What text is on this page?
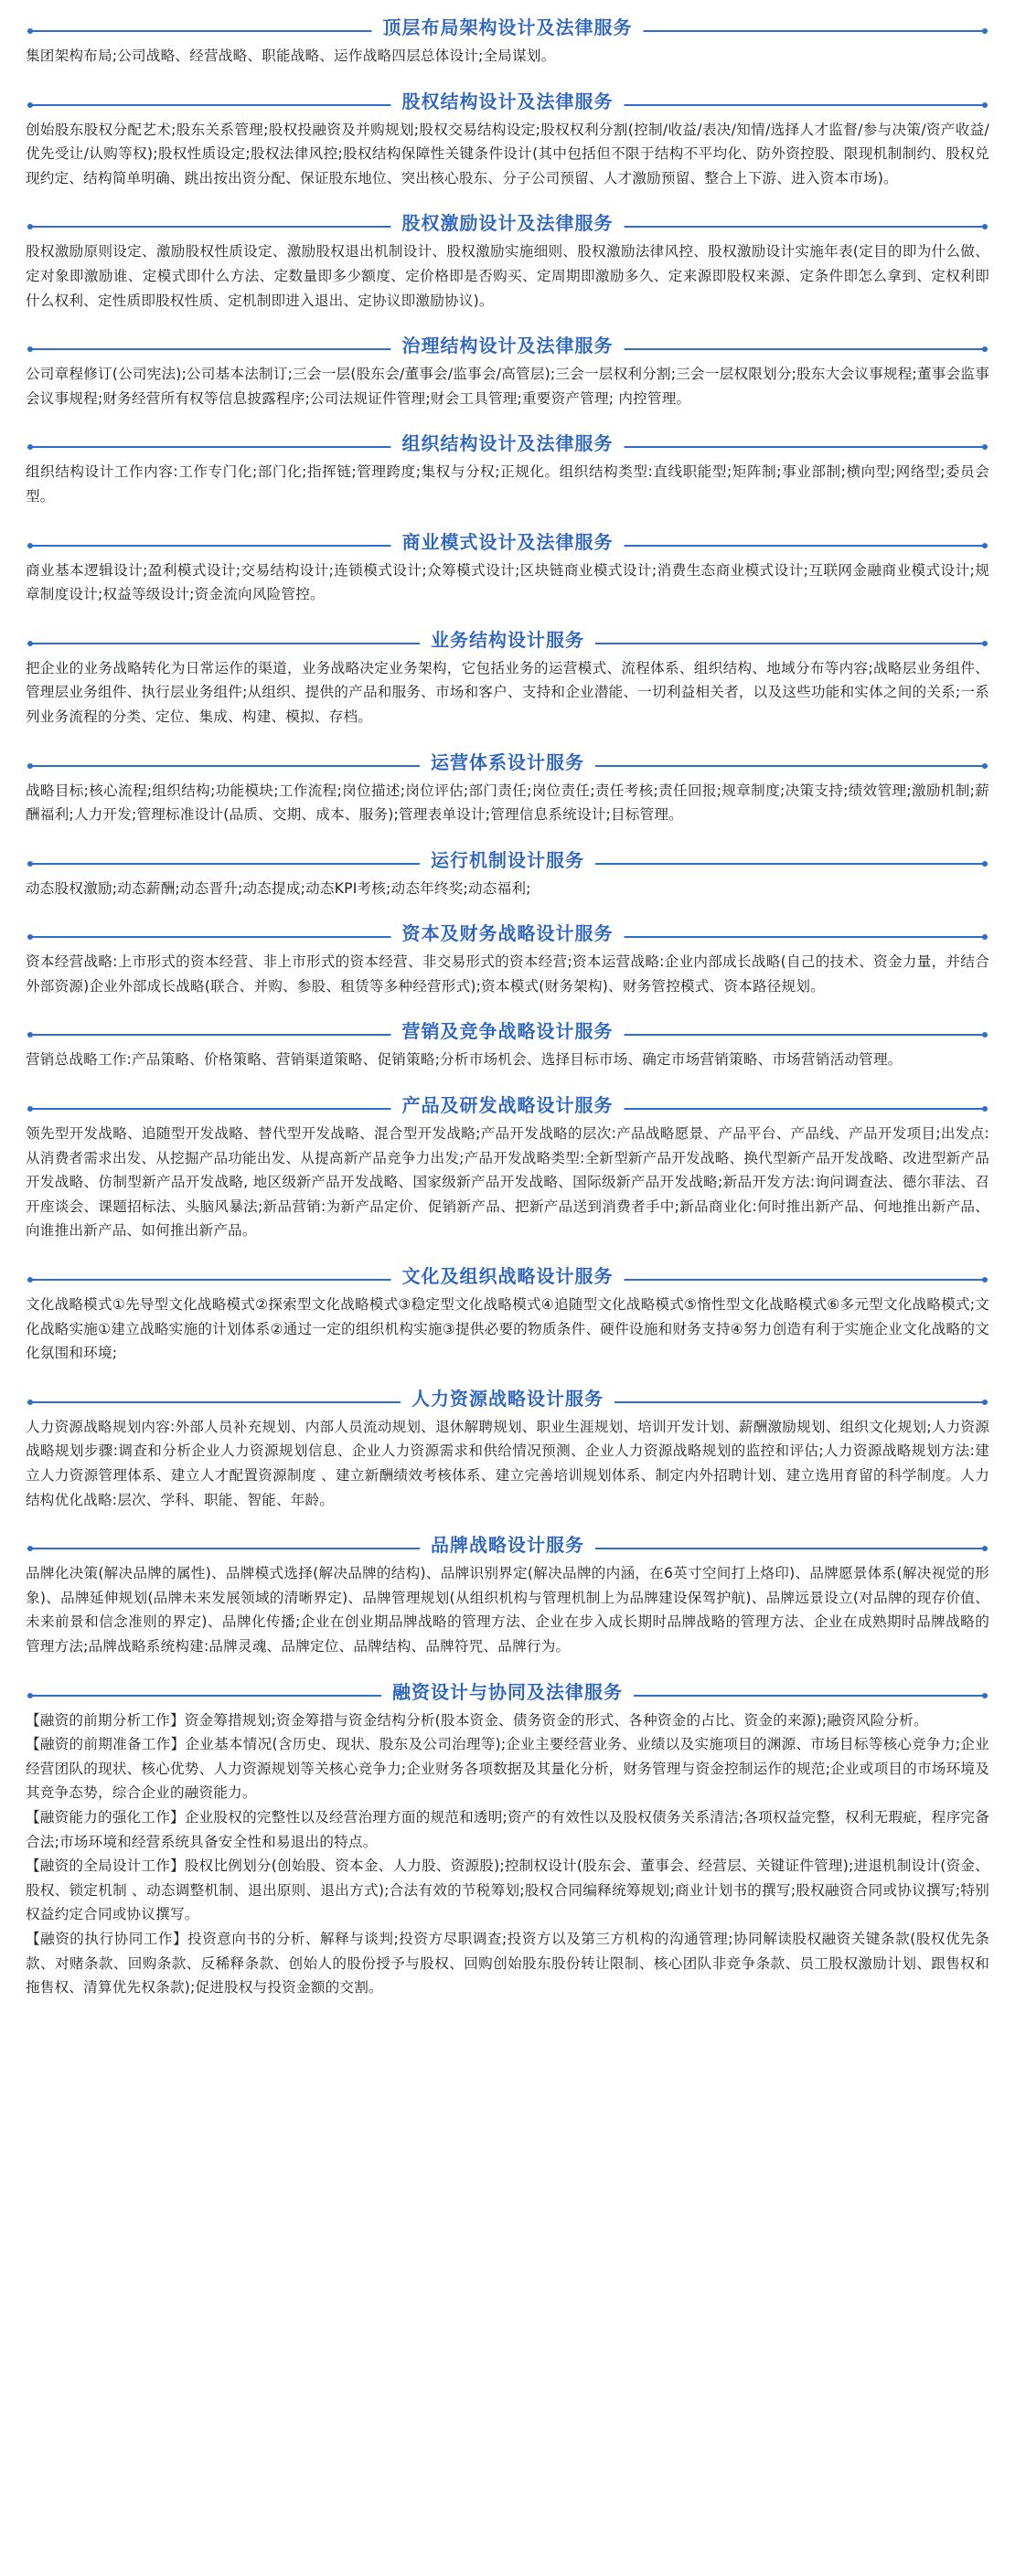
顶层布局架构设计及法律服务

集团架构布局;公司战略、经营战略、职能战略、运作战略四层总体设计;全局谋划。

股权结构设计及法律服务

创始股东股权分配艺术;股东关系管理;股权投融资及并购规划;股权交易结构设定;股权权利分割(控制/收益/表决/知情/选择人才监督/参与决策/资产收益/优先受让/认购等权);股权性质设定;股权法律风控;股权结构保障性关键条件设计(其中包括但不限于结构不平均化、防外资控股、限现机制制约、股权兑现约定、结构简单明确、跳出按出资分配、保证股东地位、突出核心股东、分子公司预留、人才激励预留、整合上下游、进入资本市场)。

股权激励设计及法律服务

股权激励原则设定、激励股权性质设定、激励股权退出机制设计、股权激励实施细则、股权激励法律风控、股权激励设计实施年表(定目的即为什么做、定对象即激励谁、定模式即什么方法、定数量即多少额度、定价格即是否购买、定周期即激励多久、定来源即股权来源、定条件即怎么拿到、定权利即什么权利、定性质即股权性质、定机制即进入退出、定协议即激励协议)。

治理结构设计及法律服务

公司章程修订(公司宪法);公司基本法制订;三会一层(股东会/董事会/监事会/高管层);三会一层权利分割;三会一层权限划分;股东大会议事规程;董事会监事会议事规程;财务经营所有权等信息披露程序;公司法规证件管理;财会工具管理;重要资产管理; 内控管理。

组织结构设计及法律服务

组织结构设计工作内容:工作专门化;部门化;指挥链;管理跨度;集权与分权;正规化。组织结构类型:直线职能型;矩阵制;事业部制;横向型;网络型;委员会型。

商业模式设计及法律服务

商业基本逻辑设计;盈利模式设计;交易结构设计;连锁模式设计;众筹模式设计;区块链商业模式设计;消费生态商业模式设计;互联网金融商业模式设计;规章制度设计;权益等级设计;资金流向风险管控。

业务结构设计服务

把企业的业务战略转化为日常运作的渠道，业务战略决定业务架构，它包括业务的运营模式、流程体系、组织结构、地域分布等内容;战略层业务组件、管理层业务组件、执行层业务组件;从组织、提供的产品和服务、市场和客户、支持和企业潜能、一切利益相关者，以及这些功能和实体之间的关系;一系列业务流程的分类、定位、集成、构建、模拟、存档。

运营体系设计服务

战略目标;核心流程;组织结构;功能模块;工作流程;岗位描述;岗位评估;部门责任;岗位责任;责任考核;责任回报;规章制度;决策支持;绩效管理;激励机制;薪酬福利;人力开发;管理标准设计(品质、交期、成本、服务);管理表单设计;管理信息系统设计;目标管理。

运行机制设计服务

动态股权激励;动态薪酬;动态晋升;动态提成;动态KPI考核;动态年终奖;动态福利;

资本及财务战略设计服务

资本经营战略:上市形式的资本经营、非上市形式的资本经营、非交易形式的资本经营;资本运营战略:企业内部成长战略(自己的技术、资金力量，并结合外部资源)企业外部成长战略(联合、并购、参股、租赁等多种经营形式);资本模式(财务架构)、财务管控模式、资本路径规划。

营销及竞争战略设计服务

营销总战略工作:产品策略、价格策略、营销渠道策略、促销策略;分析市场机会、选择目标市场、确定市场营销策略、市场营销活动管理。

产品及研发战略设计服务

领先型开发战略、追随型开发战略、替代型开发战略、混合型开发战略;产品开发战略的层次:产品战略愿景、产品平台、产品线、产品开发项目;出发点:从消费者需求出发、从挖掘产品功能出发、从提高新产品竞争力出发;产品开发战略类型:全新型新产品开发战略、换代型新产品开发战略、改进型新产品开发战略、仿制型新产品开发战略, 地区级新产品开发战略、国家级新产品开发战略、国际级新产品开发战略;新品开发方法:询问调查法、德尔菲法、召开座谈会、课题招标法、头脑风暴法;新品营销:为新产品定价、促销新产品、把新产品送到消费者手中;新品商业化:何时推出新产品、何地推出新产品、向谁推出新产品、如何推出新产品。

文化及组织战略设计服务

文化战略模式①先导型文化战略模式②探索型文化战略模式③稳定型文化战略模式④追随型文化战略模式⑤惰性型文化战略模式⑥多元型文化战略模式;文化战略实施①建立战略实施的计划体系②通过一定的组织机构实施③提供必要的物质条件、硬件设施和财务支持④努力创造有利于实施企业文化战略的文化氛围和环境;

人力资源战略设计服务

人力资源战略规划内容:外部人员补充规划、内部人员流动规划、退休解聘规划、职业生涯规划、培训开发计划、薪酬激励规划、组织文化规划;人力资源战略规划步骤:调查和分析企业人力资源规划信息、企业人力资源需求和供给情况预测、企业人力资源战略规划的监控和评估;人力资源战略规划方法:建立人力资源管理体系、建立人才配置资源制度 、建立新酬绩效考核体系、建立完善培训规划体系、制定内外招聘计划、建立选用育留的科学制度。人力结构优化战略:层次、学科、职能、智能、年龄。

品牌战略设计服务

品牌化决策(解决品牌的属性)、品牌模式选择(解决品牌的结构)、品牌识别界定(解决品牌的内涵，在6英寸空间打上烙印)、品牌愿景体系(解决视觉的形象)、品牌延伸规划(品牌未来发展领域的清晰界定)、品牌管理规划(从组织机构与管理机制上为品牌建设保驾护航)、品牌远景设立(对品牌的现存价值、未来前景和信念准则的界定)、品牌化传播;企业在创业期品牌战略的管理方法、企业在步入成长期时品牌战略的管理方法、企业在成熟期时品牌战略的管理方法;品牌战略系统构建:品牌灵魂、品牌定位、品牌结构、品牌符咒、品牌行为。

融资设计与协同及法律服务

【融资的前期分析工作】资金筹措规划;资金筹措与资金结构分析(股本资金、债务资金的形式、各种资金的占比、资金的来源);融资风险分析。

【融资的前期准备工作】企业基本情况(含历史、现状、股东及公司治理等);企业主要经营业务、业绩以及实施项目的渊源、市场目标等核心竞争力;企业经营团队的现状、核心优势、人力资源规划等关核心竞争力;企业财务各项数据及其量化分析，财务管理与资金控制运作的规范;企业或项目的市场环境及其竞争态势，综合企业的融资能力。

【融资能力的强化工作】企业股权的完整性以及经营治理方面的规范和透明;资产的有效性以及股权债务关系清洁;各项权益完整，权利无瑕疵，程序完备合法;市场环境和经营系统具备安全性和易退出的特点。

【融资的全局设计工作】股权比例划分(创始股、资本金、人力股、资源股);控制权设计(股东会、董事会、经营层、关键证件管理);进退机制设计(资金、股权、锁定机制 、动态调整机制、退出原则、退出方式);合法有效的节税筹划;股权合同编释统筹规划;商业计划书的撰写;股权融资合同或协议撰写;特别权益约定合同或协议撰写。

【融资的执行协同工作】投资意向书的分析、解释与谈判;投资方尽职调查;投资方以及第三方机构的沟通管理;协同解读股权融资关键条款(股权优先条款、对赌条款、回购条款、反稀释条款、创始人的股份授予与股权、回购创始股东股份转让限制、核心团队非竞争条款、员工股权激励计划、跟售权和拖售权、清算优先权条款);促进股权与投资金额的交割。
